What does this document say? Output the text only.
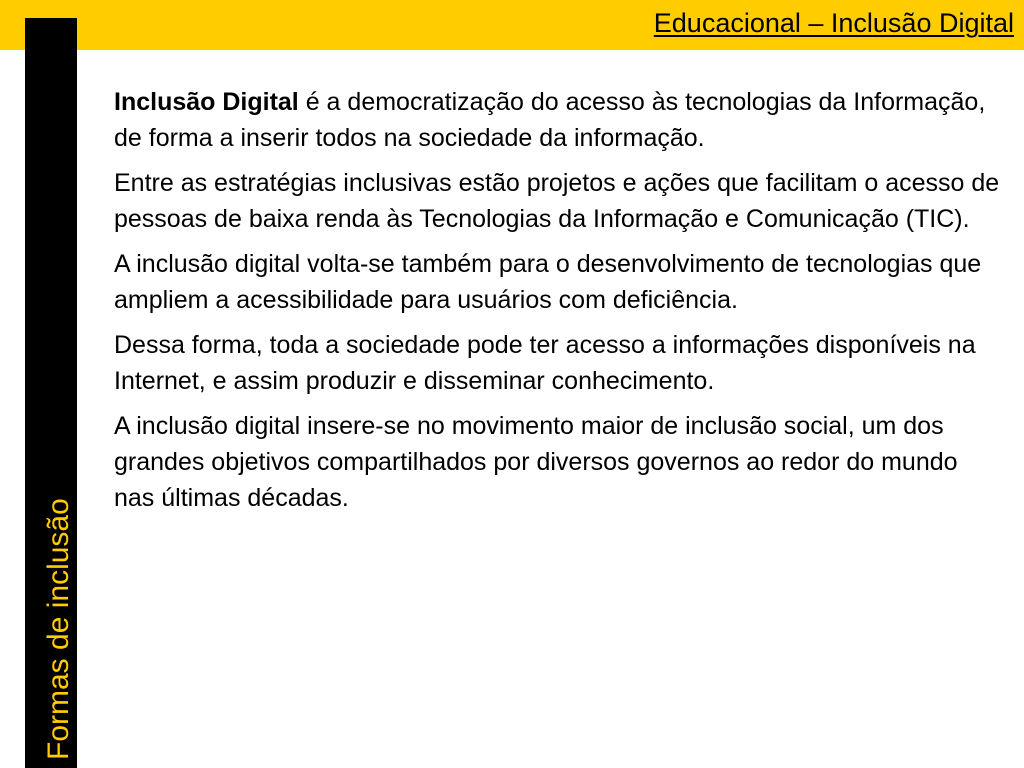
Educacional – Inclusão Digital
Formas de inclusão

Inclusão Digital é a democratização do acesso às tecnologias da Informação, de forma a inserir todos na sociedade da informação.

Entre as estratégias inclusivas estão projetos e ações que facilitam o acesso de pessoas de baixa renda às Tecnologias da Informação e Comunicação (TIC).

A inclusão digital volta-se também para o desenvolvimento de tecnologias que ampliem a acessibilidade para usuários com deficiência.

Dessa forma, toda a sociedade pode ter acesso a informações disponíveis na Internet, e assim produzir e disseminar conhecimento.

A inclusão digital insere-se no movimento maior de inclusão social, um dos grandes objetivos compartilhados por diversos governos ao redor do mundo nas últimas décadas.
